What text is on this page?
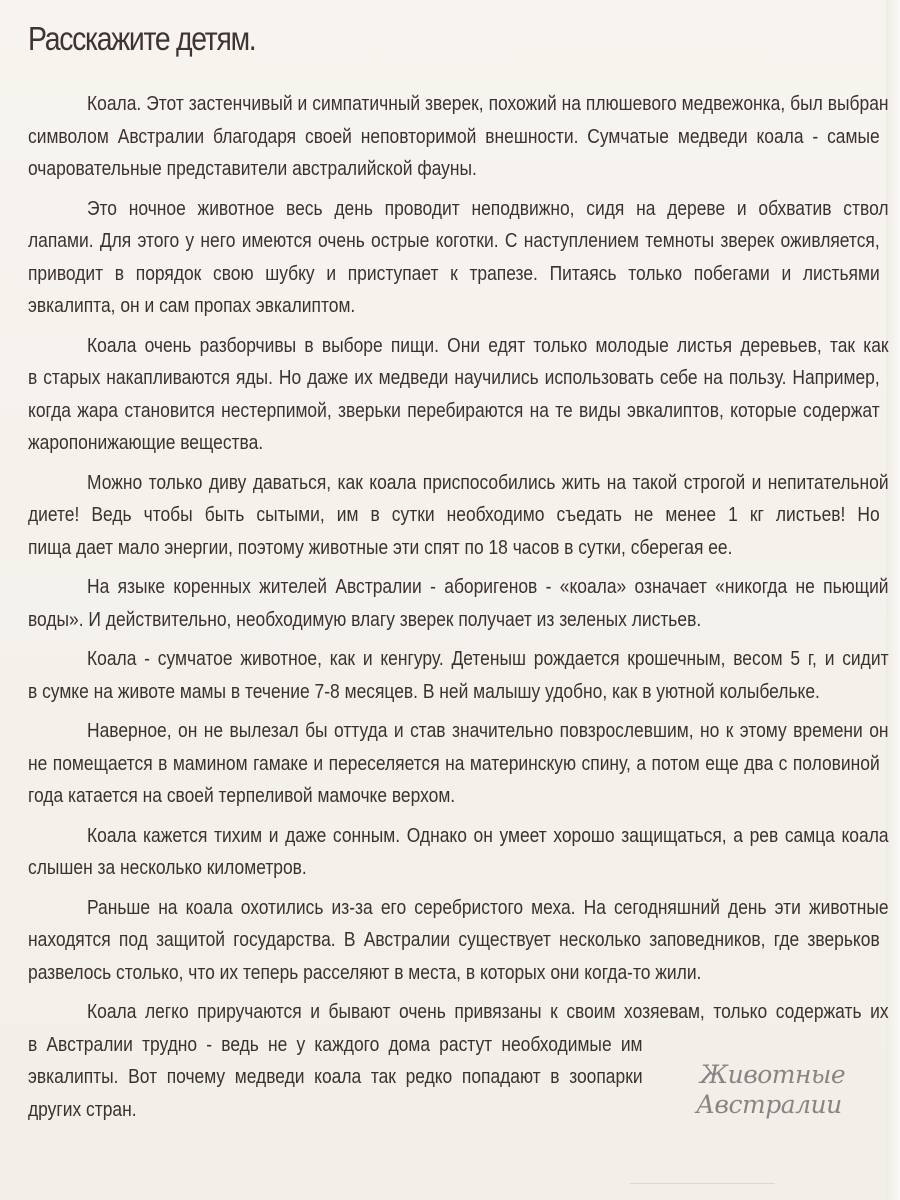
Расскажите детям.
Коала. Этот застенчивый и симпатичный зверек, похожий на плюшевого медвежонка, был выбран
символом Австралии благодаря своей неповторимой внешности. Сумчатые медведи коала - самые
очаровательные представители австралийской фауны.
Это ночное животное весь день проводит неподвижно, сидя на дереве и обхватив ствол
лапами. Для этого у него имеются очень острые коготки. С наступлением темноты зверек оживляется,
приводит в порядок свою шубку и приступает к трапезе. Питаясь только побегами и листьями
эвкалипта, он и сам пропах эвкалиптом.
Коала очень разборчивы в выборе пищи. Они едят только молодые листья деревьев, так как
в старых накапливаются яды. Но даже их медведи научились использовать себе на пользу. Например,
когда жара становится нестерпимой, зверьки перебираются на те виды эвкалиптов, которые содержат
жаропонижающие вещества.
Можно только диву даваться, как коала приспособились жить на такой строгой и непитательной
диете! Ведь чтобы быть сытыми, им в сутки необходимо съедать не менее 1 кг листьев! Но
пища дает мало энергии, поэтому животные эти спят по 18 часов в сутки, сберегая ее.
На языке коренных жителей Австралии - аборигенов - «коала» означает «никогда не пьющий
воды». И действительно, необходимую влагу зверек получает из зеленых листьев.
Коала - сумчатое животное, как и кенгуру. Детеныш рождается крошечным, весом 5 г, и сидит
в сумке на животе мамы в течение 7-8 месяцев. В ней малышу удобно, как в уютной колыбельке.
Наверное, он не вылезал бы оттуда и став значительно повзрослевшим, но к этому времени он
не помещается в мамином гамаке и переселяется на материнскую спину, а потом еще два с половиной
года катается на своей терпеливой мамочке верхом.
Коала кажется тихим и даже сонным. Однако он умеет хорошо защищаться, а рев самца коала
слышен за несколько километров.
Раньше на коала охотились из-за его серебристого меха. На сегодняшний день эти животные
находятся под защитой государства. В Австралии существует несколько заповедников, где зверьков
развелось столько, что их теперь расселяют в места, в которых они когда-то жили.
Коала легко приручаются и бывают очень привязаны к своим хозяевам, только содержать их
в Австралии трудно - ведь не у каждого дома растут необходимые им
эвкалипты. Вот почему медведи коала так редко попадают в зоопарки
других стран.
Животные
Австралии
